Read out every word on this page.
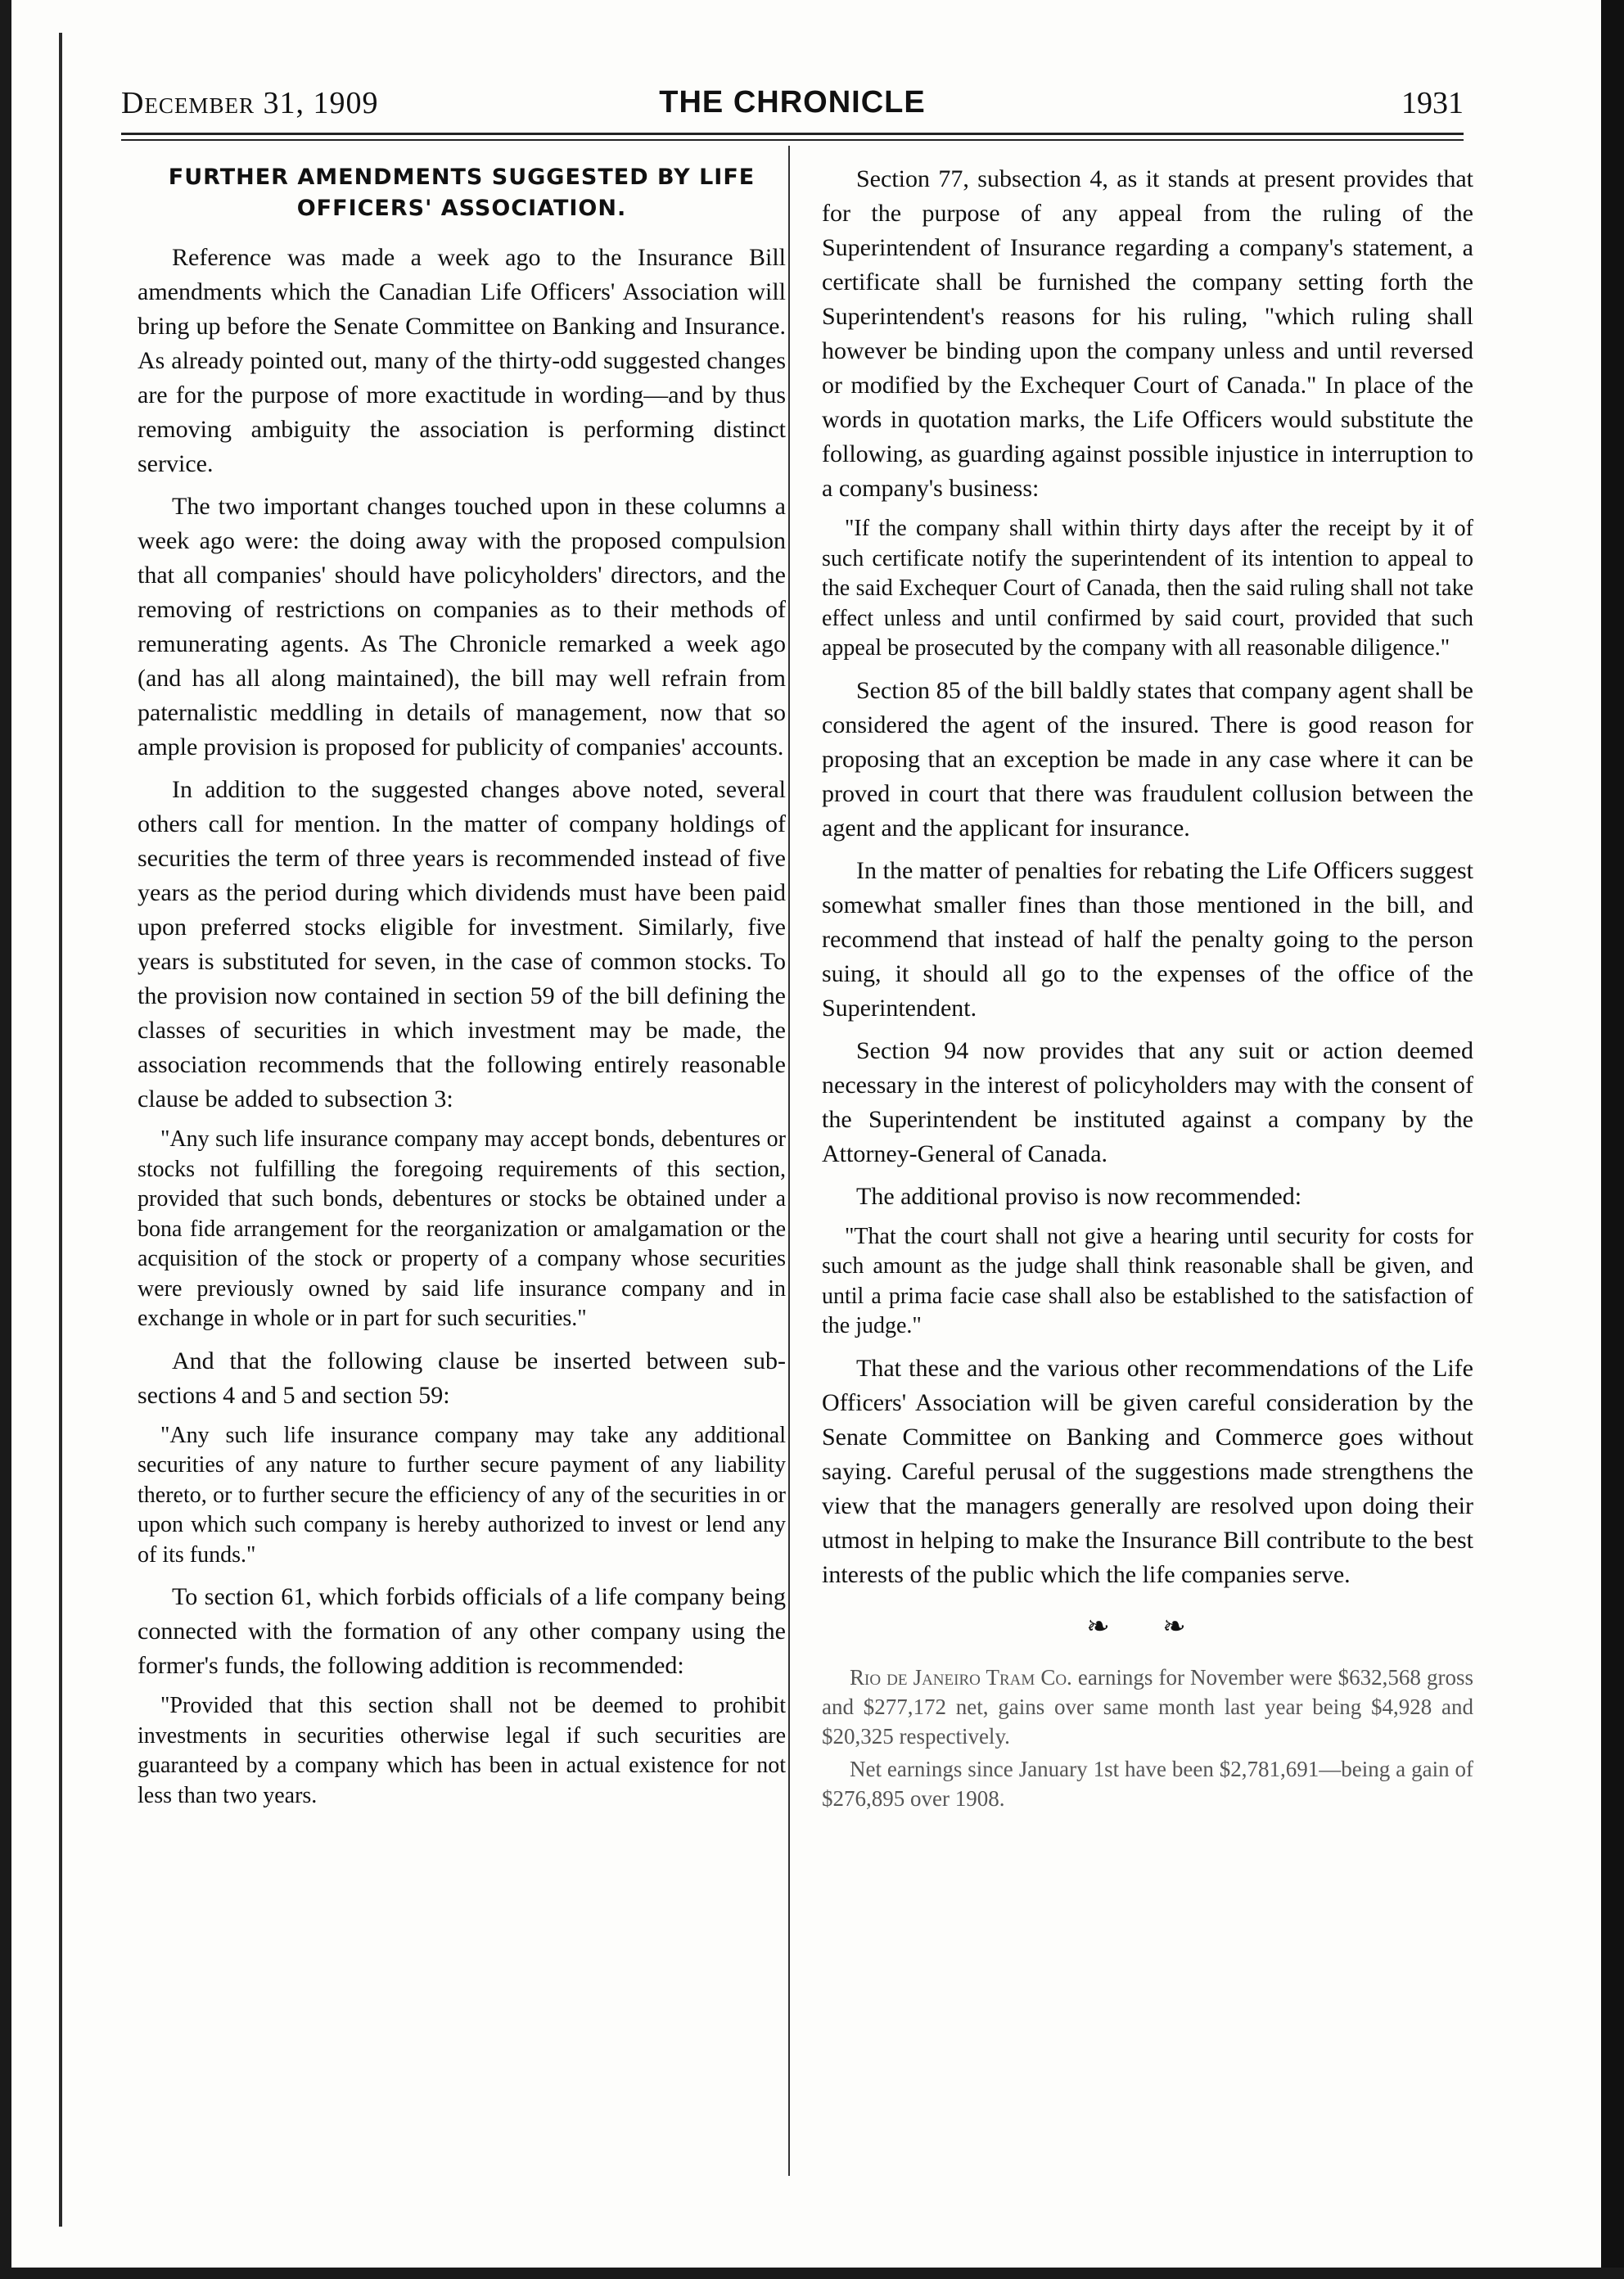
December 31, 1909	THE CHRONICLE	1931
FURTHER AMENDMENTS SUGGESTED BY LIFE
OFFICERS' ASSOCIATION.

Reference was made a week ago to the Insurance Bill amendments which the Canadian Life Officers' Association will bring up before the Senate Committee on Banking and Insurance. As already pointed out, many of the thirty-odd suggested changes are for the purpose of more exactitude in wording—and by thus removing ambiguity the association is performing distinct service.

The two important changes touched upon in these columns a week ago were: the doing away with the proposed compulsion that all companies' should have policyholders' directors, and the removing of restrictions on companies as to their methods of remunerating agents. As The Chronicle remarked a week ago (and has all along maintained), the bill may well refrain from paternalistic meddling in details of management, now that so ample provision is proposed for publicity of companies' accounts.

In addition to the suggested changes above noted, several others call for mention. In the matter of company holdings of securities the term of three years is recommended instead of five years as the period during which dividends must have been paid upon preferred stocks eligible for investment. Similarly, five years is substituted for seven, in the case of common stocks. To the provision now contained in section 59 of the bill defining the classes of securities in which investment may be made, the association recommends that the following entirely reasonable clause be added to subsection 3:

"Any such life insurance company may accept bonds, debentures or stocks not fulfilling the foregoing requirements of this section, provided that such bonds, debentures or stocks be obtained under a bona fide arrangement for the reorganization or amalgamation or the acquisition of the stock or property of a company whose securities were previously owned by said life insurance company and in exchange in whole or in part for such securities."

And that the following clause be inserted between sub-sections 4 and 5 and section 59:

"Any such life insurance company may take any additional securities of any nature to further secure payment of any liability thereto, or to further secure the efficiency of any of the securities in or upon which such company is hereby authorized to invest or lend any of its funds."

To section 61, which forbids officials of a life company being connected with the formation of any other company using the former's funds, the following addition is recommended:

"Provided that this section shall not be deemed to prohibit investments in securities otherwise legal if such securities are guaranteed by a company which has been in actual existence for not less than two years.

Section 77, subsection 4, as it stands at present provides that for the purpose of any appeal from the ruling of the Superintendent of Insurance regarding a company's statement, a certificate shall be furnished the company setting forth the Superintendent's reasons for his ruling, "which ruling shall however be binding upon the company unless and until reversed or modified by the Exchequer Court of Canada." In place of the words in quotation marks, the Life Officers would substitute the following, as guarding against possible injustice in interruption to a company's business:

"If the company shall within thirty days after the receipt by it of such certificate notify the superintendent of its intention to appeal to the said Exchequer Court of Canada, then the said ruling shall not take effect unless and until confirmed by said court, provided that such appeal be prosecuted by the company with all reasonable diligence."

Section 85 of the bill baldly states that company agent shall be considered the agent of the insured. There is good reason for proposing that an exception be made in any case where it can be proved in court that there was fraudulent collusion between the agent and the applicant for insurance.

In the matter of penalties for rebating the Life Officers suggest somewhat smaller fines than those mentioned in the bill, and recommend that instead of half the penalty going to the person suing, it should all go to the expenses of the office of the Superintendent.

Section 94 now provides that any suit or action deemed necessary in the interest of policyholders may with the consent of the Superintendent be instituted against a company by the Attorney-General of Canada.

The additional proviso is now recommended:

"That the court shall not give a hearing until security for costs for such amount as the judge shall think reasonable shall be given, and until a prima facie case shall also be established to the satisfaction of the judge."

That these and the various other recommendations of the Life Officers' Association will be given careful consideration by the Senate Committee on Banking and Commerce goes without saying. Careful perusal of the suggestions made strengthens the view that the managers generally are resolved upon doing their utmost in helping to make the Insurance Bill contribute to the best interests of the public which the life companies serve.

❧ ❧

Rio de Janeiro Tram Co. earnings for November were $632,568 gross and $277,172 net, gains over same month last year being $4,928 and $20,325 respectively.

Net earnings since January 1st have been $2,781,691—being a gain of $276,895 over 1908.
